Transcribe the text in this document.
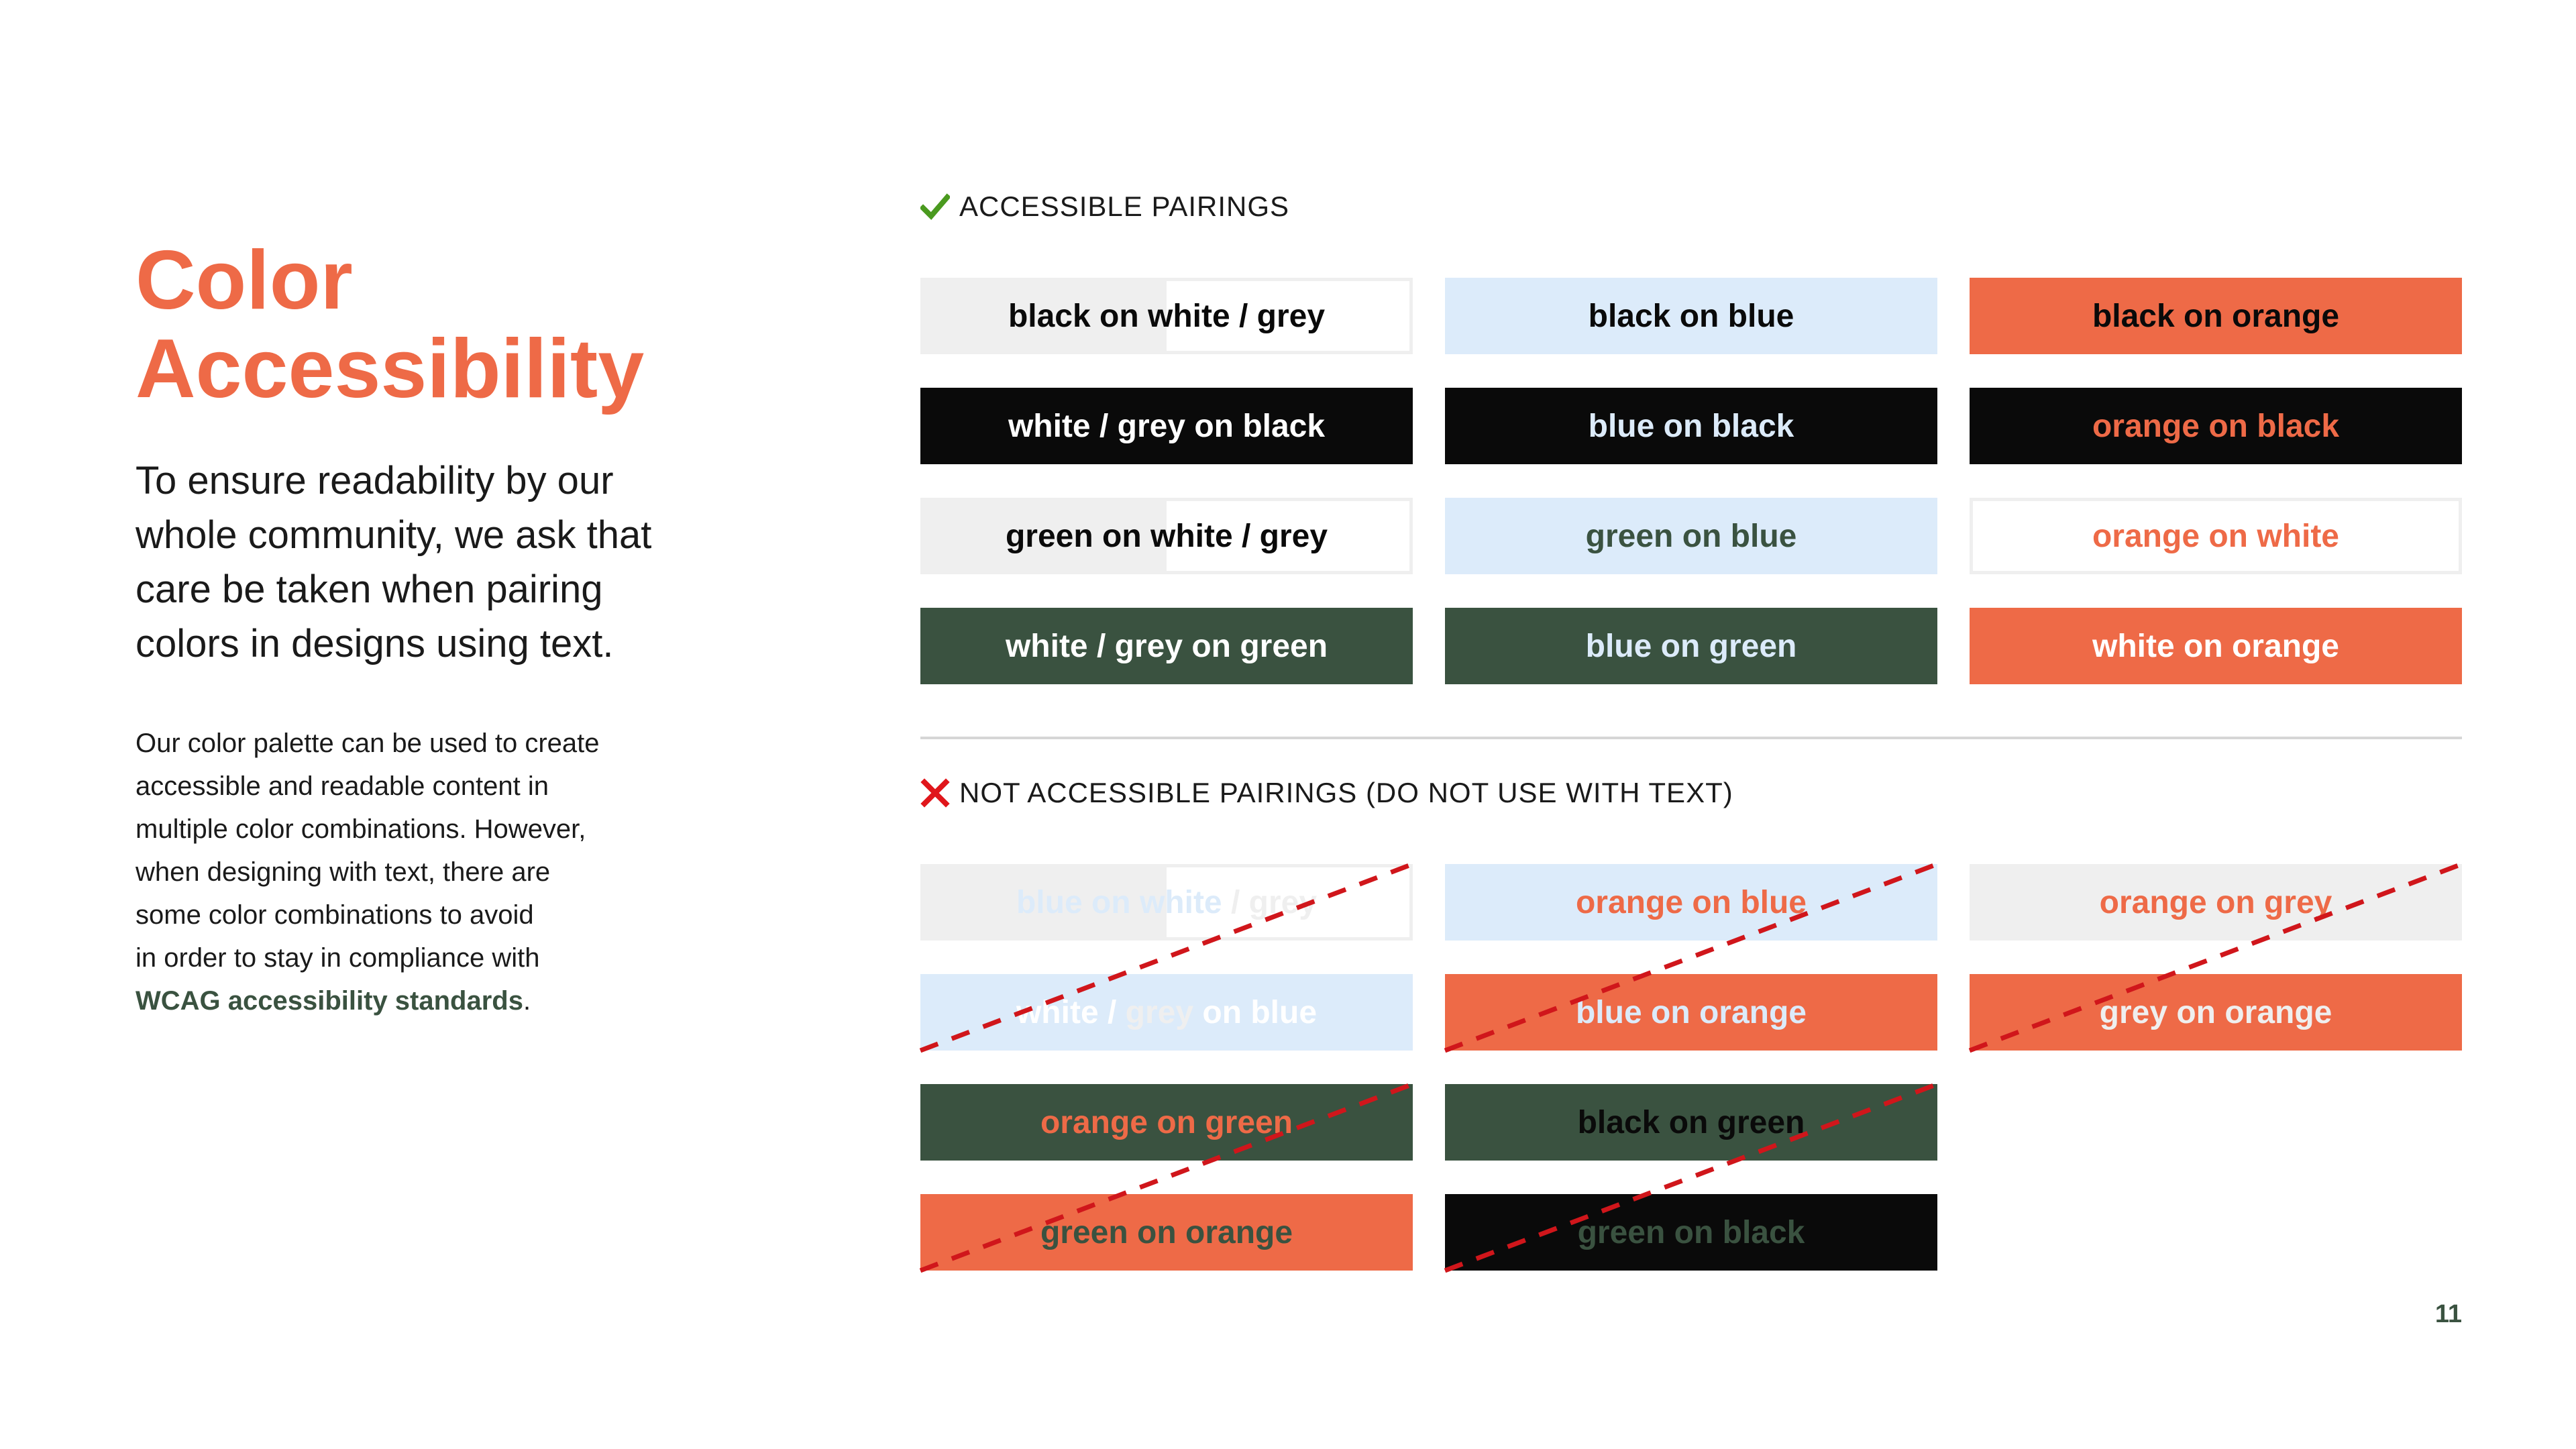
Color
Accessibility
To ensure readability by our
whole community, we ask that
care be taken when pairing
colors in designs using text.
Our color palette can be used to create
accessible and readable content in
multiple color combinations. However,
when designing with text, there are
some color combinations to avoid
in order to stay in compliance with
WCAG accessibility standards.
ACCESSIBLE PAIRINGS
black on white / grey	black on blue	black on orange
white / grey on black	blue on black	orange on black
green on white / grey	green on blue	orange on white
white / grey on green	blue on green	white on orange
NOT ACCESSIBLE PAIRINGS (DO NOT USE WITH TEXT)
blue on white / grey	orange on blue	orange on grey
white / grey on blue	blue on orange	grey on orange
orange on green	black on green
green on orange	green on black
11
